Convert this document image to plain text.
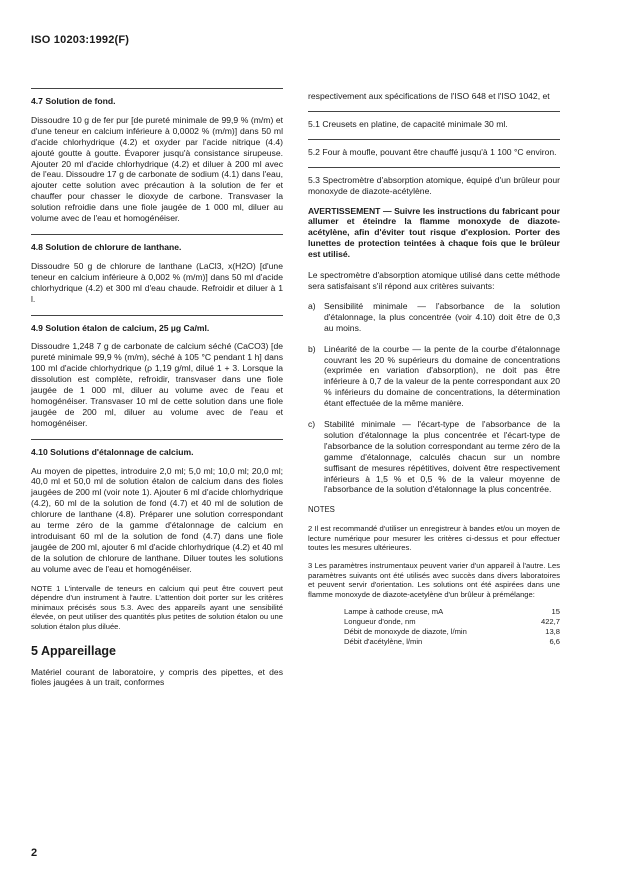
ISO 10203:1992(F)
4.7 Solution de fond.

Dissoudre 10 g de fer pur [de pureté minimale de 99,9 % (m/m) et d'une teneur en calcium inférieure à 0,0002 % (m/m)] dans 50 ml d'acide chlorhydrique (4.2) et oxyder par l'acide nitrique (4.4) ajouté goutte à goutte. Évaporer jusqu'à consistance sirupeuse. Ajouter 20 ml d'acide chlorhydrique (4.2) et diluer à 200 ml avec de l'eau. Dissoudre 17 g de carbonate de sodium (4.1) dans l'eau, ajouter cette solution avec précaution à la solution de fer et chauffer pour chasser le dioxyde de carbone. Transvaser la solution refroidie dans une fiole jaugée de 1 000 ml, diluer au volume avec de l'eau et homogénéiser.

4.8 Solution de chlorure de lanthane.

Dissoudre 50 g de chlorure de lanthane (LaCl3, x(H2O) [d'une teneur en calcium inférieure à 0,002 % (m/m)] dans 50 ml d'acide chlorhydrique (4.2) et 300 ml d'eau chaude. Refroidir et diluer à 1 l.

4.9 Solution étalon de calcium, 25 µg Ca/ml.

Dissoudre 1,248 7 g de carbonate de calcium séché (CaCO3) [de pureté minimale 99,9 % (m/m), séché à 105 °C pendant 1 h] dans 100 ml d'acide chlorhydrique (ρ 1,19 g/ml, dilué 1 + 3. Lorsque la dissolution est complète, refroidir, transvaser dans une fiole jaugée de 1 000 ml, diluer au volume avec de l'eau et homogénéiser. Transvaser 10 ml de cette solution dans une fiole jaugée de 200 ml, diluer au volume avec de l'eau et homogénéiser.

4.10 Solutions d'étalonnage de calcium.

Au moyen de pipettes, introduire 2,0 ml; 5,0 ml; 10,0 ml; 20,0 ml; 40,0 ml et 50,0 ml de solution étalon de calcium dans des fioles jaugées de 200 ml (voir note 1). Ajouter 6 ml d'acide chlorhydrique (4.2), 60 ml de la solution de fond (4.7) et 40 ml de solution de chlorure de lanthane (4.8). Préparer une solution correspondant au terme zéro de la gamme d'étalonnage de calcium en introduisant 60 ml de la solution de fond (4.7) dans une fiole jaugée de 200 ml, ajouter 6 ml d'acide chlorhydrique (4.2) et 40 ml de la solution de chlorure de lanthane. Diluer toutes les solutions au volume avec de l'eau et homogénéiser.

NOTE 1 L'intervalle de teneurs en calcium qui peut être couvert peut dépendre d'un instrument à l'autre. L'attention doit porter sur les critères minimaux précisés sous 5.3. Avec des appareils ayant une sensibilité élevée, on peut utiliser des quantités plus petites de solution étalon ou une solution étalon plus diluée.
5 Appareillage

Matériel courant de laboratoire, y compris des pipettes, et des fioles jaugées à un trait, conformes

respectivement aux spécifications de l'ISO 648 et l'ISO 1042, et

5.1 Creusets en platine, de capacité minimale 30 ml.

5.2 Four à moufle, pouvant être chauffé jusqu'à 1 100 °C environ.

5.3 Spectromètre d'absorption atomique, équipé d'un brûleur pour monoxyde de diazote-acétylène.

AVERTISSEMENT — Suivre les instructions du fabricant pour allumer et éteindre la flamme monoxyde de diazote-acétylène, afin d'éviter tout risque d'explosion. Porter des lunettes de protection teintées à chaque fois que le brûleur est utilisé.

Le spectromètre d'absorption atomique utilisé dans cette méthode sera satisfaisant s'il répond aux critères suivants:

a) Sensibilité minimale — l'absorbance de la solution d'étalonnage, la plus concentrée (voir 4.10) doit être de 0,3 au moins.
b) Linéarité de la courbe — la pente de la courbe d'étalonnage couvrant les 20 % supérieurs du domaine de concentrations (exprimée en variation d'absorption), ne doit pas être inférieure à 0,7 de la valeur de la pente correspondant aux 20 % inférieurs du domaine de concentrations, la détermination étant effectuée de la même manière.
c)	Stabilité minimale — l'écart-type de l'absorbance de la solution d'étalonnage la plus concentrée et l'écart-type de l'absorbance de la solution correspondant au terme zéro de la gamme d'étalonnage, calculés chacun sur un nombre suffisant de mesures répétitives, doivent être respectivement inférieurs à 1,5 % et 0,5 % de la valeur moyenne de l'absorbance de la solution d'étalonnage la plus concentrée.
NOTES
2 Il est recommandé d'utiliser un enregistreur à bandes et/ou un moyen de lecture numérique pour mesurer les critères ci-dessus et pour effectuer toutes les mesures ultérieures.
3 Les paramètres instrumentaux peuvent varier d'un appareil à l'autre. Les paramètres suivants ont été utilisés avec succès dans divers laboratoires et peuvent servir d'orientation. Les solutions ont été aspirées dans une flamme monoxyde de diazote-acetylène d'un brûleur à prémélange:
Lampe à cathode creuse, mA	15
Longueur d'onde, nm	422,7
Débit de monoxyde de diazote, l/min	13,8
Débit d'acétylène, l/min	6,6
2
